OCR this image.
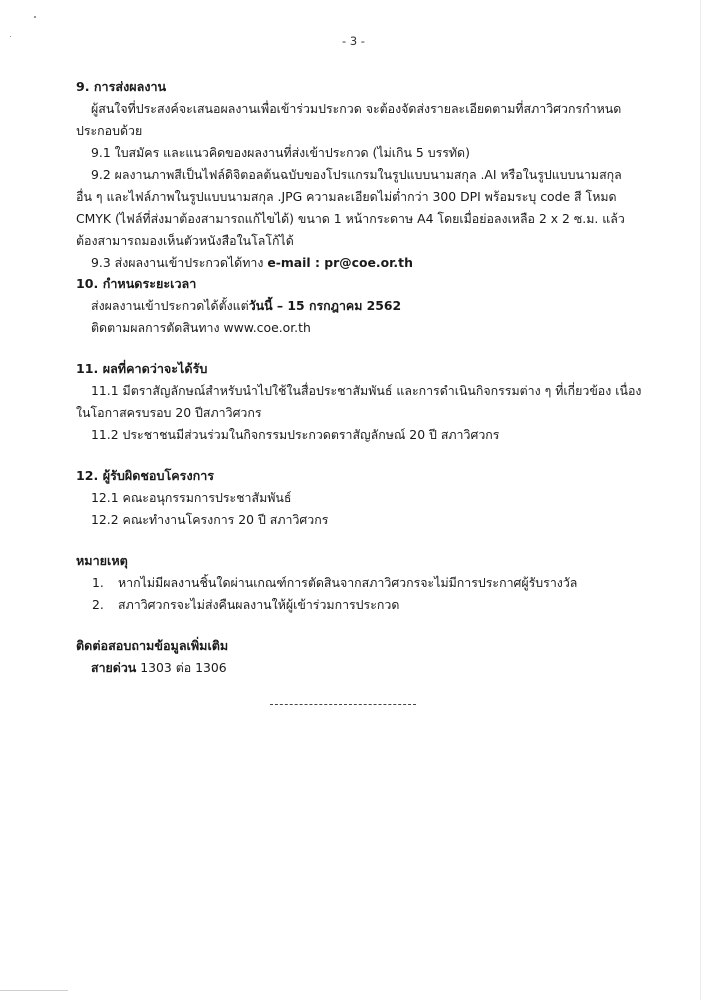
- 3 -
9. การส่งผลงาน
ผู้สนใจที่ประสงค์จะเสนอผลงานเพื่อเข้าร่วมประกวด จะต้องจัดส่งรายละเอียดตามที่สภาวิศวกรกำหนด
ประกอบด้วย
9.1 ใบสมัคร และแนวคิดของผลงานที่ส่งเข้าประกวด (ไม่เกิน 5 บรรทัด)
9.2 ผลงานภาพสีเป็นไฟล์ดิจิตอลต้นฉบับของโปรแกรมในรูปแบบนามสกุล .AI หรือในรูปแบบนามสกุล
อื่น ๆ และไฟล์ภาพในรูปแบบนามสกุล .JPG ความละเอียดไม่ต่ำกว่า 300 DPI พร้อมระบุ code สี โหมด
CMYK (ไฟล์ที่ส่งมาต้องสามารถแก้ไขได้) ขนาด 1 หน้ากระดาษ A4 โดยเมื่อย่อลงเหลือ 2 x 2 ซ.ม. แล้ว
ต้องสามารถมองเห็นตัวหนังสือในโลโก้ได้
9.3 ส่งผลงานเข้าประกวดได้ทาง e-mail : pr@coe.or.th
10. กำหนดระยะเวลา
ส่งผลงานเข้าประกวดได้ตั้งแต่วันนี้ – 15 กรกฎาคม 2562
ติดตามผลการตัดสินทาง www.coe.or.th
11. ผลที่คาดว่าจะได้รับ
11.1 มีตราสัญลักษณ์สำหรับนำไปใช้ในสื่อประชาสัมพันธ์ และการดำเนินกิจกรรมต่าง ๆ ที่เกี่ยวข้อง เนื่อง
ในโอกาสครบรอบ 20 ปีสภาวิศวกร
11.2 ประชาชนมีส่วนร่วมในกิจกรรมประกวดตราสัญลักษณ์ 20 ปี สภาวิศวกร
12. ผู้รับผิดชอบโครงการ
12.1 คณะอนุกรรมการประชาสัมพันธ์
12.2 คณะทำงานโครงการ 20 ปี สภาวิศวกร
หมายเหตุ
1. หากไม่มีผลงานชิ้นใดผ่านเกณฑ์การตัดสินจากสภาวิศวกรจะไม่มีการประกาศผู้รับรางวัล
2. สภาวิศวกรจะไม่ส่งคืนผลงานให้ผู้เข้าร่วมการประกวด
ติดต่อสอบถามข้อมูลเพิ่มเติม
สายด่วน 1303 ต่อ 1306
